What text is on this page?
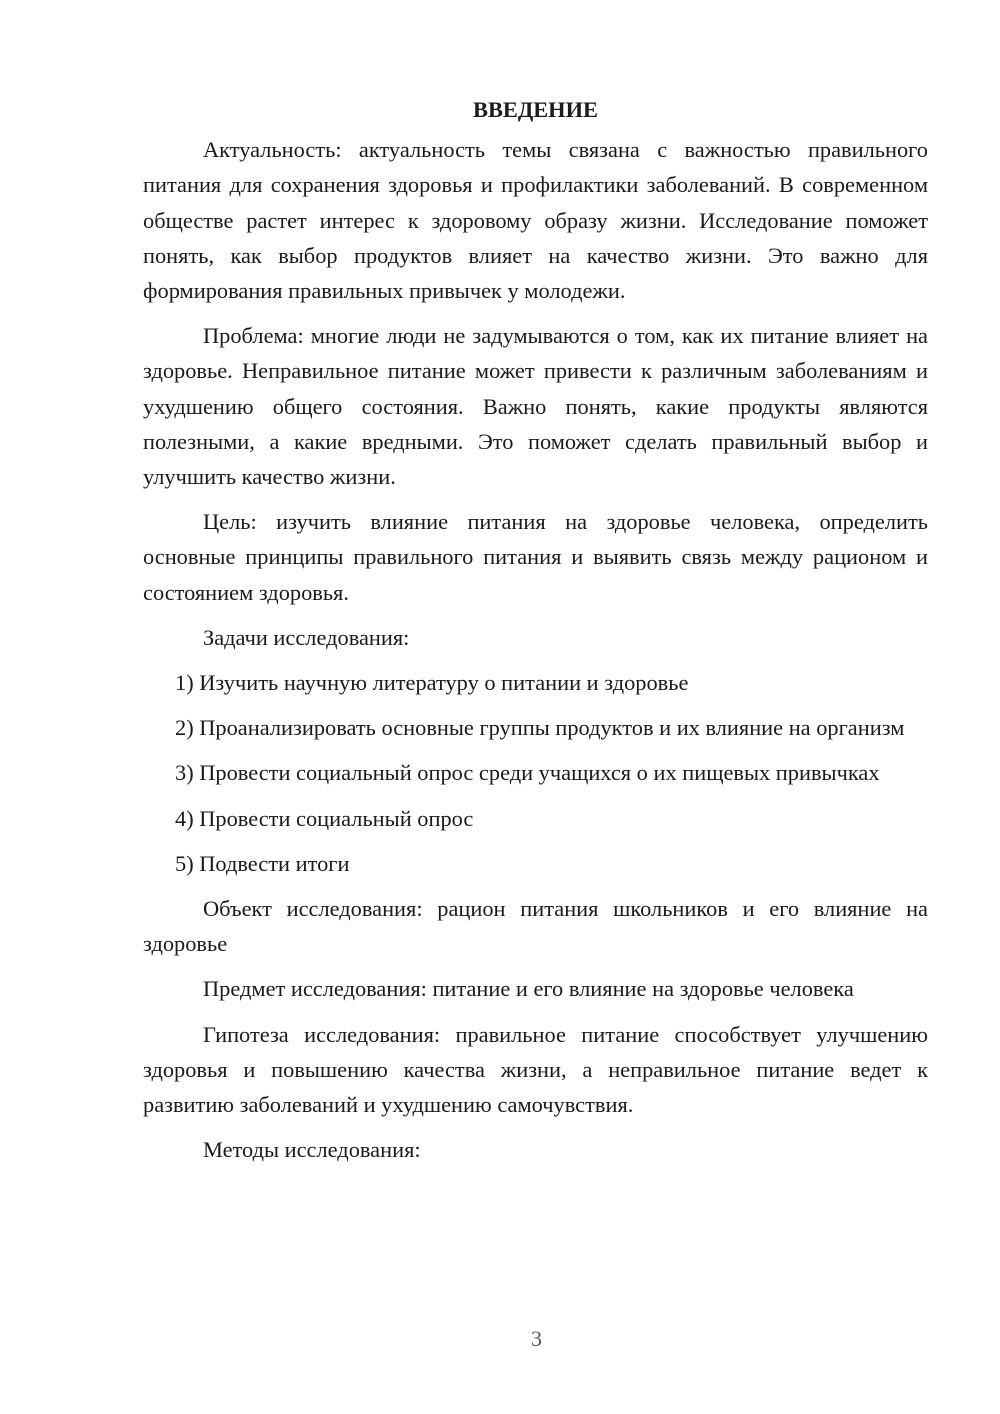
ВВЕДЕНИЕ

Актуальность: актуальность темы связана с важностью правильного питания для сохранения здоровья и профилактики заболеваний. В современном обществе растет интерес к здоровому образу жизни. Исследование поможет понять, как выбор продуктов влияет на качество жизни. Это важно для формирования правильных привычек у молодежи.

Проблема: многие люди не задумываются о том, как их питание влияет на здоровье. Неправильное питание может привести к различным заболеваниям и ухудшению общего состояния. Важно понять, какие продукты являются полезными, а какие вредными. Это поможет сделать правильный выбор и улучшить качество жизни.

Цель: изучить влияние питания на здоровье человека, определить основные принципы правильного питания и выявить связь между рационом и состоянием здоровья.

Задачи исследования:

1) Изучить научную литературу о питании и здоровье

2) Проанализировать основные группы продуктов и их влияние на организм

3) Провести социальный опрос среди учащихся о их пищевых привычках

4) Провести социальный опрос

5) Подвести итоги

Объект исследования: рацион питания школьников и его влияние на здоровье

Предмет исследования: питание и его влияние на здоровье человека

Гипотеза исследования: правильное питание способствует улучшению здоровья и повышению качества жизни, а неправильное питание ведет к развитию заболеваний и ухудшению самочувствия.

Методы исследования:

3
